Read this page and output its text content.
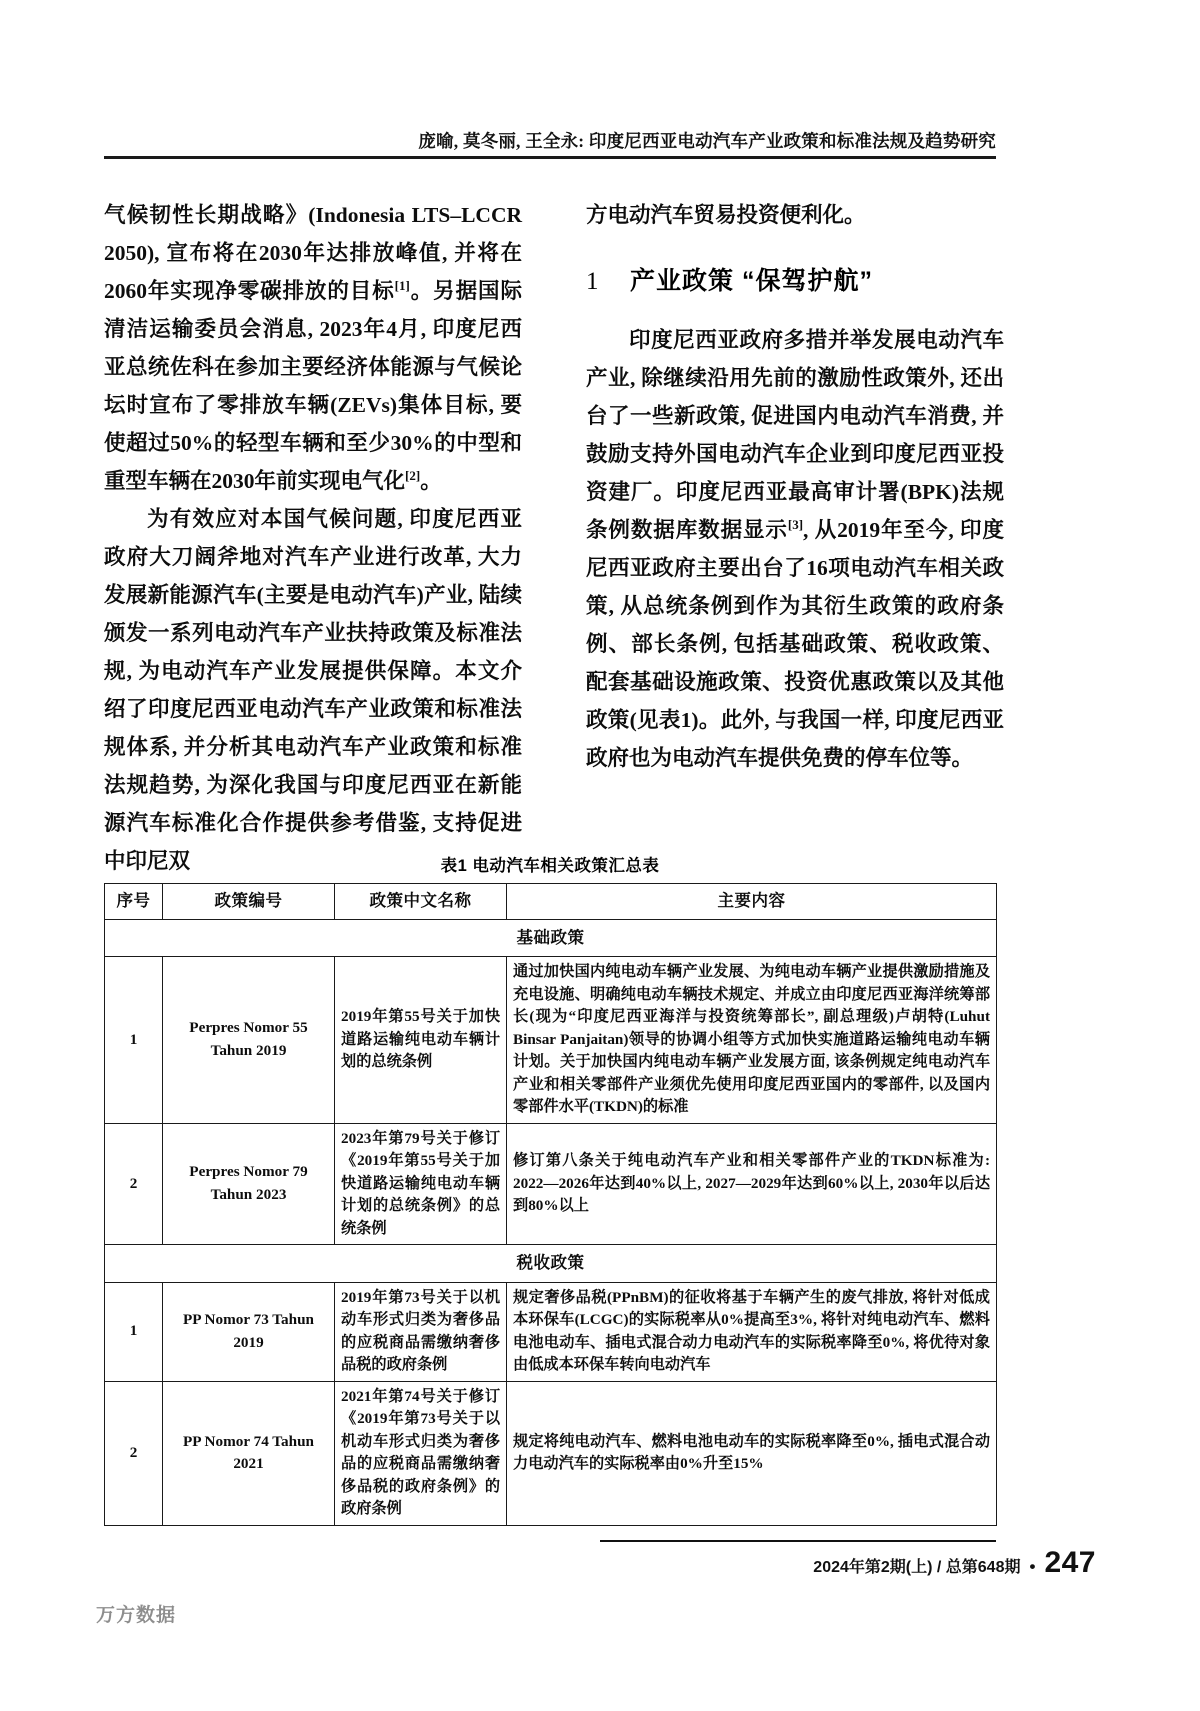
庞喻, 莫冬丽, 王全永: 印度尼西亚电动汽车产业政策和标准法规及趋势研究

气候韧性长期战略》(Indonesia LTS–LCCR 2050), 宣布将在2030年达排放峰值, 并将在2060年实现净零碳排放的目标[1]。另据国际清洁运输委员会消息, 2023年4月, 印度尼西亚总统佐科在参加主要经济体能源与气候论坛时宣布了零排放车辆(ZEVs)集体目标, 要使超过50%的轻型车辆和至少30%的中型和重型车辆在2030年前实现电气化[2]。

为有效应对本国气候问题, 印度尼西亚政府大刀阔斧地对汽车产业进行改革, 大力发展新能源汽车(主要是电动汽车)产业, 陆续颁发一系列电动汽车产业扶持政策及标准法规, 为电动汽车产业发展提供保障。本文介绍了印度尼西亚电动汽车产业政策和标准法规体系, 并分析其电动汽车产业政策和标准法规趋势, 为深化我国与印度尼西亚在新能源汽车标准化合作提供参考借鉴, 支持促进中印尼双

方电动汽车贸易投资便利化。

1 产业政策 “保驾护航”

印度尼西亚政府多措并举发展电动汽车产业, 除继续沿用先前的激励性政策外, 还出台了一些新政策, 促进国内电动汽车消费, 并鼓励支持外国电动汽车企业到印度尼西亚投资建厂。印度尼西亚最高审计署(BPK)法规条例数据库数据显示[3], 从2019年至今, 印度尼西亚政府主要出台了16项电动汽车相关政策, 从总统条例到作为其衍生政策的政府条例、部长条例, 包括基础政策、税收政策、配套基础设施政策、投资优惠政策以及其他政策(见表1)。此外, 与我国一样, 印度尼西亚政府也为电动汽车提供免费的停车位等。

表1 电动汽车相关政策汇总表
序号	政策编号	政策中文名称	主要内容
基础政策			
1	Perpres Nomor 55 Tahun 2019	2019年第55号关于加快道路运输纯电动车辆计划的总统条例	通过加快国内纯电动车辆产业发展、为纯电动车辆产业提供激励措施及充电设施、明确纯电动车辆技术规定、并成立由印度尼西亚海洋统筹部长(现为“印度尼西亚海洋与投资统筹部长”, 副总理级)卢胡特(Luhut Binsar Panjaitan)领导的协调小组等方式加快实施道路运输纯电动车辆计划。关于加快国内纯电动车辆产业发展方面, 该条例规定纯电动汽车产业和相关零部件产业须优先使用印度尼西亚国内的零部件, 以及国内零部件水平(TKDN)的标准
2	Perpres Nomor 79 Tahun 2023	2023年第79号关于修订《2019年第55号关于加快道路运输纯电动车辆计划的总统条例》的总统条例	修订第八条关于纯电动汽车产业和相关零部件产业的TKDN标准为: 2022—2026年达到40%以上, 2027—2029年达到60%以上, 2030年以后达到80%以上
税收政策			
1	PP Nomor 73 Tahun 2019	2019年第73号关于以机动车形式归类为奢侈品的应税商品需缴纳奢侈品税的政府条例	规定奢侈品税(PPnBM)的征收将基于车辆产生的废气排放, 将针对低成本环保车(LCGC)的实际税率从0%提高至3%, 将针对纯电动汽车、燃料电池电动车、插电式混合动力电动汽车的实际税率降至0%, 将优待对象由低成本环保车转向电动汽车
2	PP Nomor 74 Tahun 2021	2021年第74号关于修订《2019年第73号关于以机动车形式归类为奢侈品的应税商品需缴纳奢侈品税的政府条例》的政府条例	规定将纯电动汽车、燃料电池电动车的实际税率降至0%, 插电式混合动力电动汽车的实际税率由0%升至15%
2024年第2期(上) / 总第648期 • 247
万方数据
